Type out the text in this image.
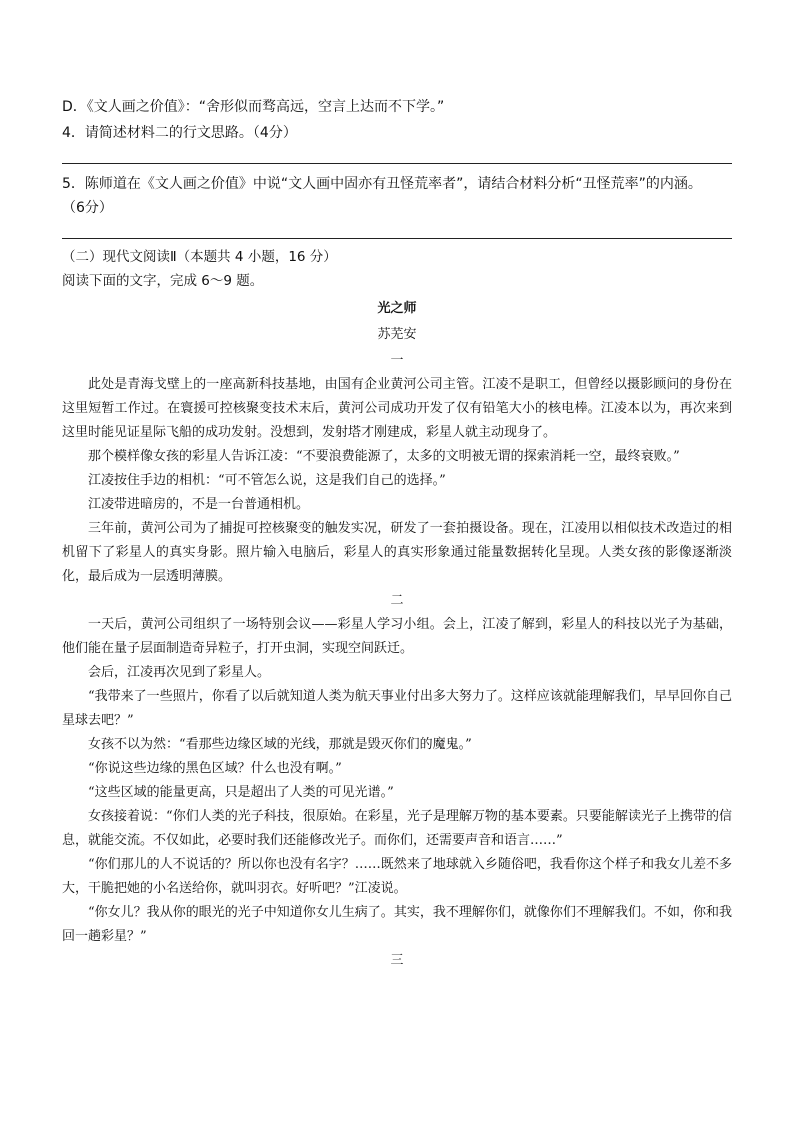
D．《文人画之价值》：“舍形似而骛高远，空言上达而不下学。”
4．请简述材料二的行文思路。（4分）
5．陈师道在《文人画之价值》中说“文人画中固亦有丑怪荒率者”，请结合材料分析“丑怪荒率”的内涵。
（6分）
（二）现代文阅读Ⅱ（本题共 4 小题，16 分）
阅读下面的文字，完成 6～9 题。
光之师
苏芜安

一

此处是青海戈壁上的一座高新科技基地，由国有企业黄河公司主管。江凌不是职工，但曾经以摄影顾问的身份在这里短暂工作过。在寰援可控核聚变技术末后，黄河公司成功开发了仅有铅笔大小的核电棒。江凌本以为，再次来到这里时能见证星际飞船的成功发射。没想到，发射塔才刚建成，彩星人就主动现身了。

那个模样像女孩的彩星人告诉江凌：“不要浪费能源了，太多的文明被无谓的探索消耗一空，最终衰败。”

江凌按住手边的相机：“可不管怎么说，这是我们自己的选择。”

江凌带进暗房的，不是一台普通相机。

三年前，黄河公司为了捕捉可控核聚变的触发实况，研发了一套拍摄设备。现在，江凌用以相似技术改造过的相机留下了彩星人的真实身影。照片输入电脑后，彩星人的真实形象通过能量数据转化呈现。人类女孩的影像逐渐淡化，最后成为一层透明薄膜。

二

一天后，黄河公司组织了一场特别会议——彩星人学习小组。会上，江凌了解到，彩星人的科技以光子为基础，他们能在量子层面制造奇异粒子，打开虫洞，实现空间跃迁。

会后，江凌再次见到了彩星人。

“我带来了一些照片，你看了以后就知道人类为航天事业付出多大努力了。这样应该就能理解我们，早早回你自己星球去吧？”

女孩不以为然：“看那些边缘区域的光线，那就是毁灭你们的魔鬼。”

“你说这些边缘的黑色区域？什么也没有啊。”

“这些区域的能量更高，只是超出了人类的可见光谱。”

女孩接着说：“你们人类的光子科技，很原始。在彩星，光子是理解万物的基本要素。只要能解读光子上携带的信息，就能交流。不仅如此，必要时我们还能修改光子。而你们，还需要声音和语言……”

“你们那儿的人不说话的？所以你也没有名字？……既然来了地球就入乡随俗吧，我看你这个样子和我女儿差不多大，干脆把她的小名送给你，就叫羽衣。好听吧？”江凌说。

“你女儿？我从你的眼光的光子中知道你女儿生病了。其实，我不理解你们，就像你们不理解我们。不如，你和我回一趟彩星？”

三
